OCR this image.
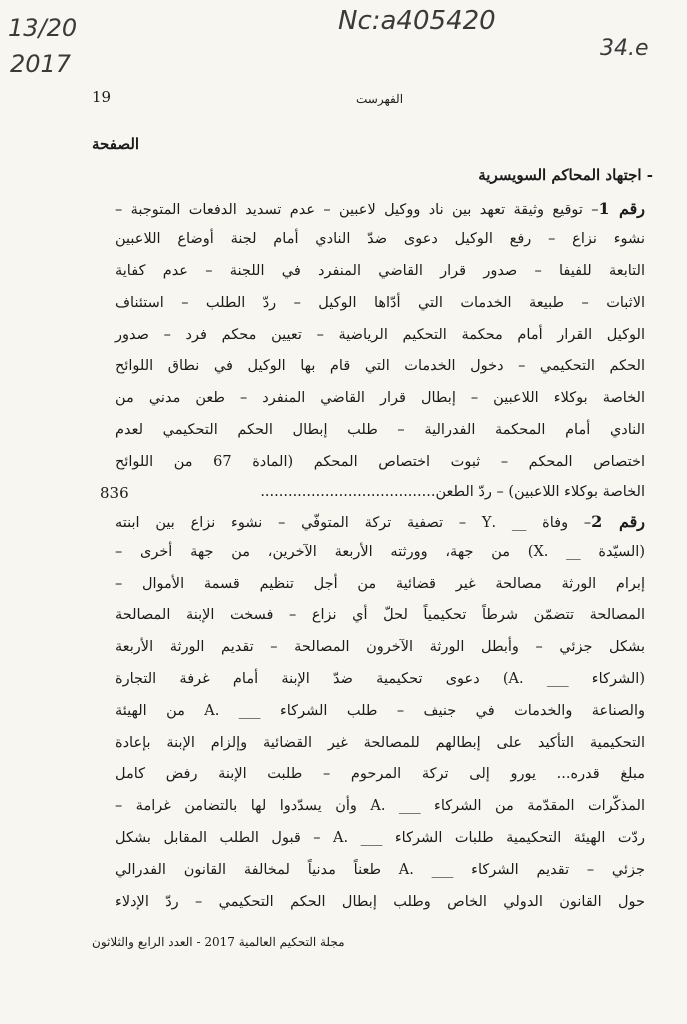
13/20
2017
Nc:a405420
34.e
19	الفهرست
الصفحة
- اجتهاد المحاكم السويسرية
رقم 1– توقيع وثيقة تعهد بين ناد ووكيل لاعبين – عدم تسديد الدفعات المتوجبة –
نشوء نزاع – رفع الوكيل دعوى ضدّ النادي أمام لجنة أوضاع اللاعبين
التابعة للفيفا – صدور قرار القاضي المنفرد في اللجنة – عدم كفاية
الاثبات – طبيعة الخدمات التي أدّاها الوكيل – ردّ الطلب – استئناف
الوكيل القرار أمام محكمة التحكيم الرياضية – تعيين محكم فرد – صدور
الحكم التحكيمي – دخول الخدمات التي قام بها الوكيل في نطاق اللوائح
الخاصة بوكلاء اللاعبين – إبطال قرار القاضي المنفرد – طعن مدني من
النادي أمام المحكمة الفدرالية – طلب إبطال الحكم التحكيمي لعدم
اختصاص المحكم – ثبوت اختصاص المحكم (المادة 67 من اللوائح
الخاصة بوكلاء اللاعبين) – ردّ الطعن......................................
836
رقم 2– وفاة __ .Y – تصفية تركة المتوفّي – نشوء نزاع بين ابنته
(السيّدة __ .X) من جهة، وورثته الأربعة الآخرين، من جهة أخرى –
إبرام الورثة مصالحة غير قضائية من أجل تنظيم قسمة الأموال –
المصالحة تتضمّن شرطاً تحكيمياً لحلّ أي نزاع – فسخت الإبنة المصالحة
بشكل جزئي – وأبطل الورثة الآخرون المصالحة – تقديم الورثة الأربعة
(الشركاء ___ .A) دعوى تحكيمية ضدّ الإبنة أمام غرفة التجارة
والصناعة والخدمات في جنيف – طلب الشركاء ___ .A من الهيئة
التحكيمية التأكيد على إبطالهم للمصالحة غير القضائية وإلزام الإبنة بإعادة
مبلغ قدره... يورو إلى تركة المرحوم – طلبت الإبنة رفض كامل
المذكّرات المقدّمة من الشركاء ___ .A وأن يسدّدوا لها بالتضامن غرامة –
ردّت الهيئة التحكيمية طلبات الشركاء ___ .A – قبول الطلب المقابل بشكل
جزئي – تقديم الشركاء ___ .A طعناً مدنياً لمخالفة القانون الفدرالي
حول القانون الدولي الخاص وطلب إبطال الحكم التحكيمي – ردّ الإدلاء
مجلة التحكيم العالمية 2017 - العدد الرابع والثلاثون
